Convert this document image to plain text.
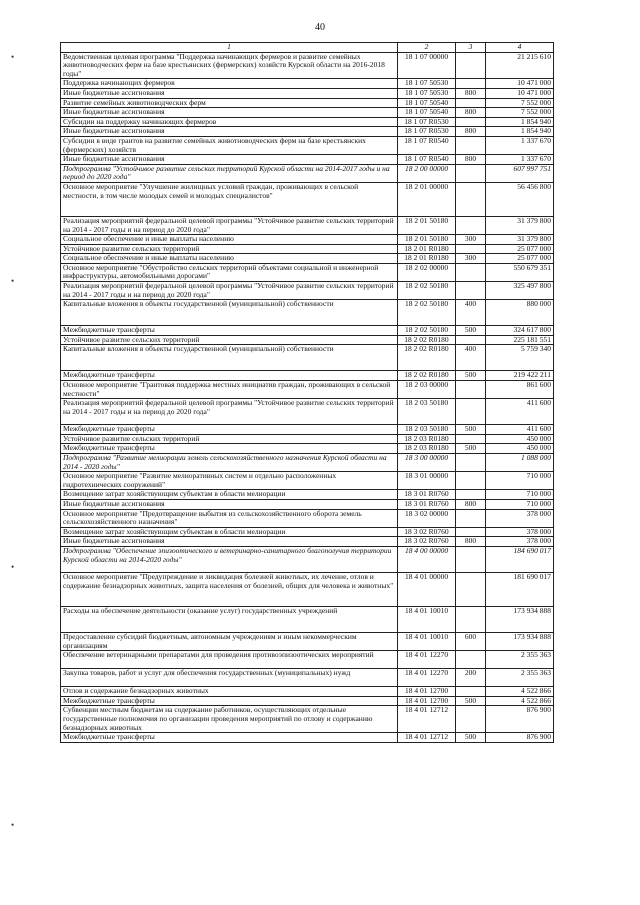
40
•
•
•
•
1	2	3	4
Ведомственная целевая программа "Поддержка начинающих фермеров и развитие семейных животноводческих ферм на базе крестьянских (фермерских) хозяйств Курской области на 2016-2018 годы"	18 1 07 00000		21 215 610
Поддержка начинающих фермеров	18 1 07 50530		10 471 000
Иные бюджетные ассигнования	18 1 07 50530	800	10 471 000
Развитие семейных животноводческих ферм	18 1 07 50540		7 552 000
Иные бюджетные ассигнования	18 1 07 50540	800	7 552 000
Субсидии на поддержку начинающих фермеров	18 1 07 R0530		1 854 940
Иные бюджетные ассигнования	18 1 07 R0530	800	1 854 940
Субсидии в виде грантов на развитие семейных животноводческих ферм на базе крестьянских (фермерских) хозяйств	18 1 07 R0540		1 337 670
Иные бюджетные ассигнования	18 1 07 R0540	800	1 337 670
Подпрограмма "Устойчивое развитие сельских территорий Курской области на 2014-2017 годы и на период до 2020 года"	18 2 00 00000		607 997 751
Основное мероприятие "Улучшение жилищных условий граждан, проживающих в сельской местности, в том числе молодых семей и молодых специалистов"	18 2 01 00000		56 456 800
Реализация мероприятий федеральной целевой программы "Устойчивое развитие сельских территорий на 2014 - 2017 годы и на период до 2020 года"	18 2 01 50180		31 379 800
Социальное обеспечение и иные выплаты населению	18 2 01 50180	300	31 379 800
Устойчивое развитие сельских территорий	18 2 01 R0180		25 077 000
Социальное обеспечение и иные выплаты населению	18 2 01 R0180	300	25 077 000
Основное мероприятие "Обустройство сельских территорий объектами социальной и инженерной инфраструктуры, автомобильными дорогами"	18 2 02 00000		550 679 351
Реализация мероприятий федеральной целевой программы "Устойчивое развитие сельских территорий на 2014 - 2017 годы и на период до 2020 года"	18 2 02 50180		325 497 800
Капитальные вложения в объекты государственной (муниципальной) собственности	18 2 02 50180	400	880 000
Межбюджетные трансферты	18 2 02 50180	500	324 617 800
Устойчивое развитие сельских территорий	18 2 02 R0180		225 181 551
Капитальные вложения в объекты государственной (муниципальной) собственности	18 2 02 R0180	400	5 759 340
Межбюджетные трансферты	18 2 02 R0180	500	219 422 211
Основное мероприятие "Грантовая поддержка местных инициатив граждан, проживающих в сельской местности"	18 2 03 00000		861 600
Реализация мероприятий федеральной целевой программы "Устойчивое развитие сельских территорий на 2014 - 2017 годы и на период до 2020 года"	18 2 03 50180		411 600
Межбюджетные трансферты	18 2 03 50180	500	411 600
Устойчивое развитие сельских территорий	18 2 03 R0180		450 000
Межбюджетные трансферты	18 2 03 R0180	500	450 000
Подпрограмма "Развитие мелиорации земель сельскохозяйственного назначения Курской области на 2014 - 2020 годы"	18 3 00 00000		1 088 000
Основное мероприятие "Развитие мелиоративных систем и отдельно расположенных гидротехнических сооружений"	18 3 01 00000		710 000
Возмещение затрат хозяйствующим субъектам в области мелиорации	18 3 01 R0760		710 000
Иные бюджетные ассигнования	18 3 01 R0760	800	710 000
Основное мероприятие "Предотвращение выбытия из сельскохозяйственного оборота земель сельскохозяйственного назначения"	18 3 02 00000		378 000
Возмещение затрат хозяйствующим субъектам в области мелиорации	18 3 02 R0760		378 000
Иные бюджетные ассигнования	18 3 02 R0760	800	378 000
Подпрограмма "Обеспечение эпизоотического и ветеринарно-санитарного благополучия территории Курской области на 2014-2020 годы"	18 4 00 00000		184 690 017
Основное мероприятие "Предупреждение и ликвидация болезней животных, их лечение, отлов и содержание безнадзорных животных, защита населения от болезней, общих для человека и животных"	18 4 01 00000		181 690 017
Расходы на обеспечение деятельности (оказание услуг) государственных учреждений	18 4 01 10010		173 934 888
Предоставление субсидий бюджетным, автономным учреждениям и иным некоммерческим организациям	18 4 01 10010	600	173 934 888
Обеспечение ветеринарными препаратами для проведения противоэпизоотических мероприятий	18 4 01 12270		2 355 363
Закупка товаров, работ и услуг для обеспечения государственных (муниципальных) нужд	18 4 01 12270	200	2 355 363
Отлов и содержание безнадзорных животных	18 4 01 12700		4 522 866
Межбюджетные трансферты	18 4 01 12700	500	4 522 866
Субвенции местным бюджетам на содержание работников, осуществляющих отдельные государственные полномочия по организации проведения мероприятий по отлову и содержанию безнадзорных животных	18 4 01 12712		876 900
Межбюджетные трансферты	18 4 01 12712	500	876 900
